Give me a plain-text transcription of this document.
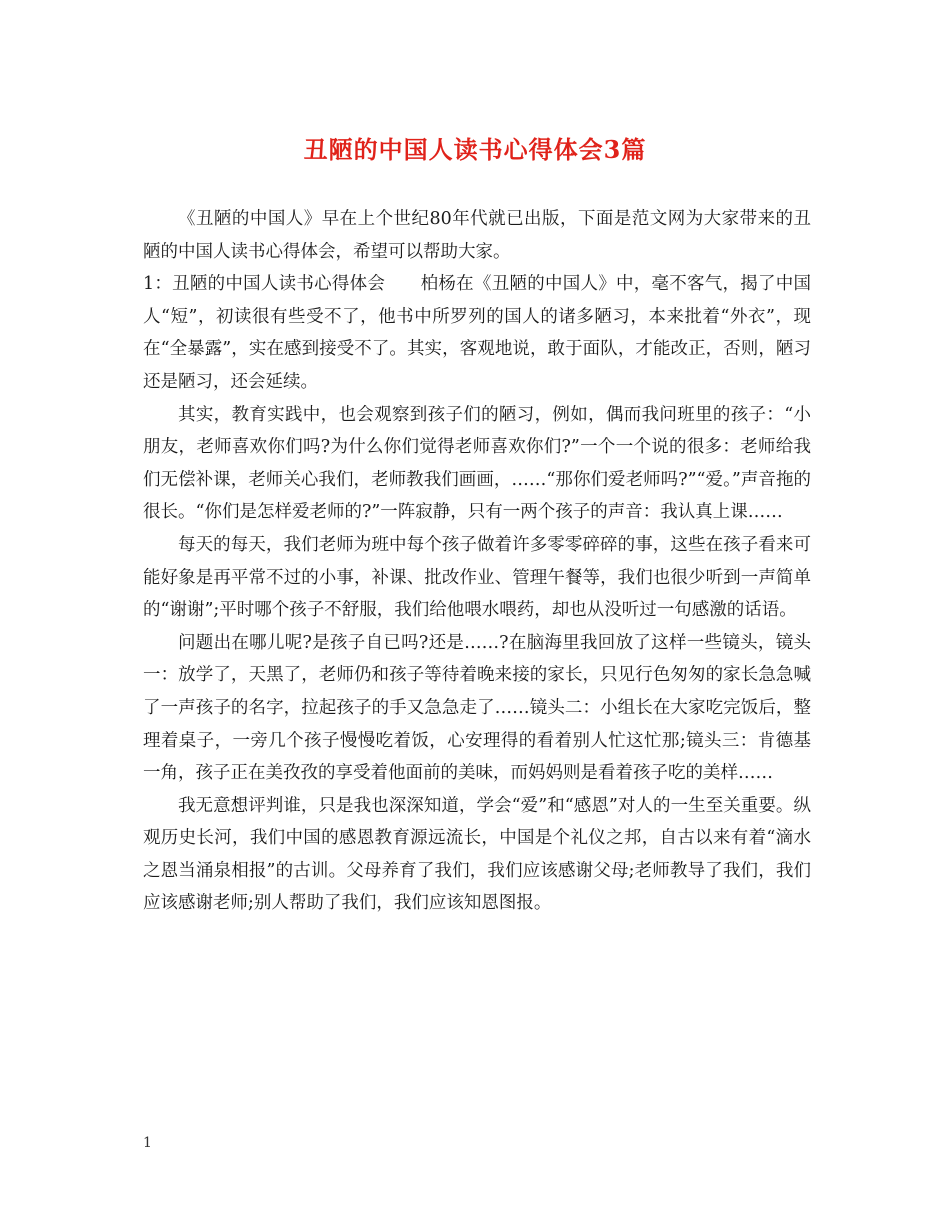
丑陋的中国人读书心得体会3篇

《丑陋的中国人》早在上个世纪80年代就已出版，下面是范文网为大家带来的丑陋的中国人读书心得体会，希望可以帮助大家。

1：丑陋的中国人读书心得体会　　柏杨在《丑陋的中国人》中，毫不客气，揭了中国人“短”，初读很有些受不了，他书中所罗列的国人的诸多陋习，本来批着“外衣”，现在“全暴露”，实在感到接受不了。其实，客观地说，敢于面队，才能改正，否则，陋习还是陋习，还会延续。

其实，教育实践中，也会观察到孩子们的陋习，例如，偶而我问班里的孩子：“小朋友，老师喜欢你们吗?为什么你们觉得老师喜欢你们?”一个一个说的很多：老师给我们无偿补课，老师关心我们，老师教我们画画，……“那你们爱老师吗?”“爱。”声音拖的很长。“你们是怎样爱老师的?”一阵寂静，只有一两个孩子的声音：我认真上课……

每天的每天，我们老师为班中每个孩子做着许多零零碎碎的事，这些在孩子看来可能好象是再平常不过的小事，补课、批改作业、管理午餐等，我们也很少听到一声简单的“谢谢”;平时哪个孩子不舒服，我们给他喂水喂药，却也从没听过一句感激的话语。

问题出在哪儿呢?是孩子自已吗?还是……?在脑海里我回放了这样一些镜头，镜头一：放学了，天黑了，老师仍和孩子等待着晚来接的家长，只见行色匆匆的家长急急喊了一声孩子的名字，拉起孩子的手又急急走了……镜头二：小组长在大家吃完饭后，整理着桌子，一旁几个孩子慢慢吃着饭，心安理得的看着别人忙这忙那;镜头三：肯德基一角，孩子正在美孜孜的享受着他面前的美味，而妈妈则是看着孩子吃的美样……

我无意想评判谁，只是我也深深知道，学会“爱”和“感恩”对人的一生至关重要。纵观历史长河，我们中国的感恩教育源远流长，中国是个礼仪之邦，自古以来有着“滴水之恩当涌泉相报”的古训。父母养育了我们，我们应该感谢父母;老师教导了我们，我们应该感谢老师;别人帮助了我们，我们应该知恩图报。

1
